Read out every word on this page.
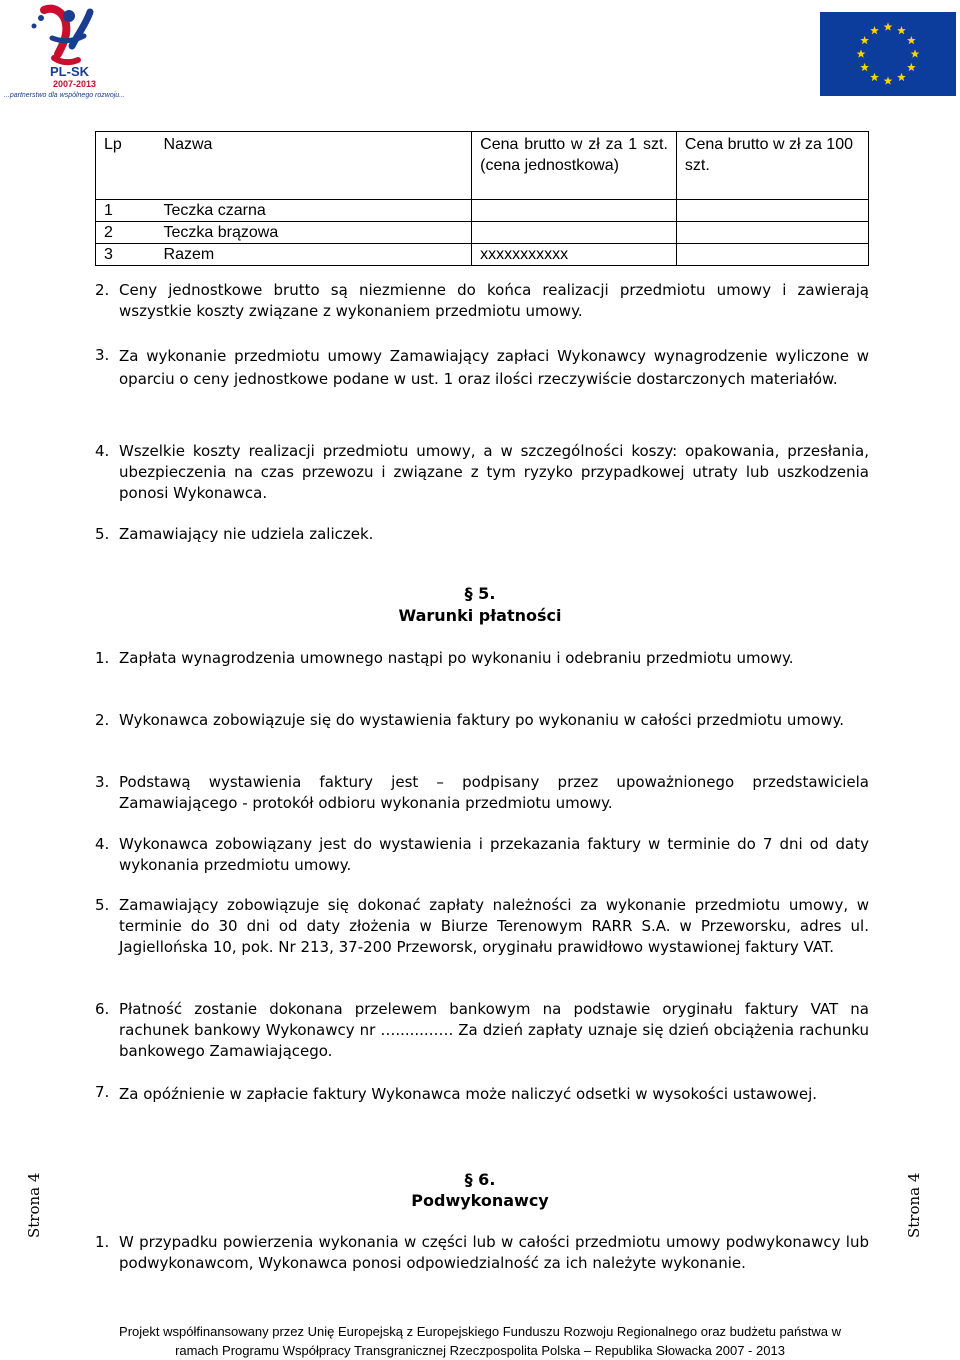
PL-SK
2007-2013
...partnerstwo dla wspólnego rozwoju...
Lp	Nazwa	Cena brutto w zł za 1 szt. (cena jednostkowa)	Cena brutto w zł za 100 szt.
1	Teczka czarna		
2	Teczka brązowa		
3	Razem	xxxxxxxxxxx	
2. Ceny jednostkowe brutto są niezmienne do końca realizacji przedmiotu umowy i zawierają wszystkie koszty związane z wykonaniem przedmiotu umowy.
3. Za wykonanie przedmiotu umowy Zamawiający zapłaci Wykonawcy wynagrodzenie wyliczone w oparciu o ceny jednostkowe podane w ust. 1 oraz ilości rzeczywiście dostarczonych materiałów.
4. Wszelkie koszty realizacji przedmiotu umowy, a w szczególności koszy: opakowania, przesłania, ubezpieczenia na czas przewozu i związane z tym ryzyko przypadkowej utraty lub uszkodzenia ponosi Wykonawca.
5. Zamawiający nie udziela zaliczek.
§ 5.
Warunki płatności
1. Zapłata wynagrodzenia umownego nastąpi po wykonaniu i odebraniu przedmiotu umowy.
2. Wykonawca zobowiązuje się do wystawienia faktury po wykonaniu w całości przedmiotu umowy.
3. Podstawą wystawienia faktury jest – podpisany przez upoważnionego przedstawiciela Zamawiającego - protokół odbioru wykonania przedmiotu umowy.
4. Wykonawca zobowiązany jest do wystawienia i przekazania faktury w terminie do 7 dni od daty wykonania przedmiotu umowy.
5. Zamawiający zobowiązuje się dokonać zapłaty należności za wykonanie przedmiotu umowy, w terminie do 30 dni od daty złożenia w Biurze Terenowym RARR S.A. w Przeworsku, adres ul. Jagiellońska 10, pok. Nr 213, 37-200 Przeworsk, oryginału prawidłowo wystawionej faktury VAT.
6. Płatność zostanie dokonana przelewem bankowym na podstawie oryginału faktury VAT na rachunek bankowy Wykonawcy nr …........…. Za dzień zapłaty uznaje się dzień obciążenia rachunku bankowego Zamawiającego.
7. Za opóźnienie w zapłacie faktury Wykonawca może naliczyć odsetki w wysokości ustawowej.
§ 6.
Podwykonawcy
1. W przypadku powierzenia wykonania w części lub w całości przedmiotu umowy podwykonawcy lub podwykonawcom, Wykonawca ponosi odpowiedzialność za ich należyte wykonanie.
Strona 4	Strona 4
Projekt współfinansowany przez Unię Europejską z Europejskiego Funduszu Rozwoju Regionalnego oraz budżetu państwa w
ramach Programu Współpracy Transgranicznej Rzeczpospolita Polska – Republika Słowacka 2007 - 2013
